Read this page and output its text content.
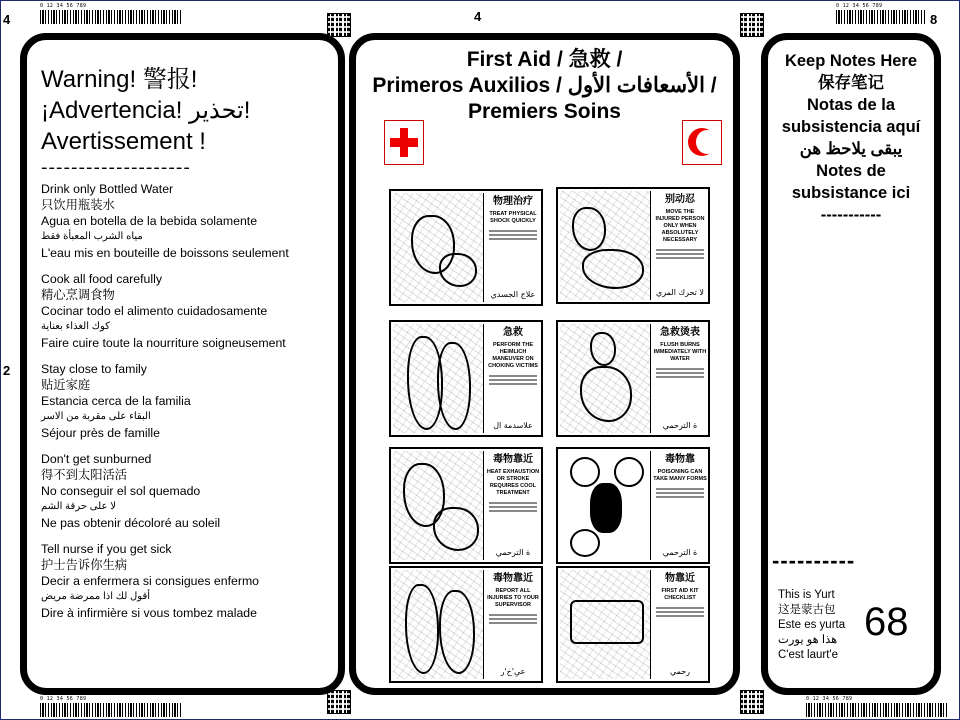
4	4	8
2
0 12 34 56 789	0 12 34 56 789
0 12 34 56 789	0 12 34 56 789
Warning! 警报!
¡Advertencia! تحذير!
Avertissement !
--------------------
Drink only Bottled Water
只饮用瓶装水
Agua en botella de la bebida solamente
مياه الشرب المعبأة فقط
L'eau mis en bouteille de boissons seulement
Cook all food carefully
精心烹调食物
Cocinar todo el alimento cuidadosamente
كوك الغذاء بعناية
Faire cuire toute la nourriture soigneusement
Stay close to family
贴近家庭
Estancia cerca de la familia
البقاء على مقربة من الاسر
Séjour près de famille
Don't get sunburned
得不到太阳活活
No conseguir el sol quemado
لا على حرقة الشم
Ne pas obtenir décoloré au soleil
Tell nurse if you get sick
护士告诉你生病
Decir a enfermera si consigues enfermo
أقول لك اذا ممرضة مريض
Dire à infirmière si vous tombez malade
First Aid / 急救 /
Primeros Auxilios / الأسعافات الأول /
Premiers Soins
物理治疗
TREAT PHYSICAL SHOCK QUICKLY
علاج الجسدي
别动忍
MOVE THE INJURED PERSON ONLY WHEN ABSOLUTELY NECESSARY
لا تحرك المري
急救
PERFORM THE HEIMLICH MANEUVER ON CHOKING VICTIMS
علاسدمة ال
急救烫表
FLUSH BURNS IMMEDIATELY WITH WATER
ة الترحمي
毒物靠近
HEAT EXHAUSTION OR STROKE REQUIRES COOL TREATMENT
ة الترحمي
毒物靠
POISONING CAN TAKE MANY FORMS
ة الترحمي
毒物靠近
REPORT ALL INJURIES TO YOUR SUPERVISOR
عىِ'خ'ر
物靠近
FIRST AID KIT CHECKLIST
رحمي
Keep Notes Here
保存笔记
Notas de la
subsistencia aquí
يبقى يلاحظ هن
Notes de
subsistance ici
-----------
----------
This is Yurt
这是蒙古包
Este es yurta
هذا هو يورت
C'est laurt'e
68
